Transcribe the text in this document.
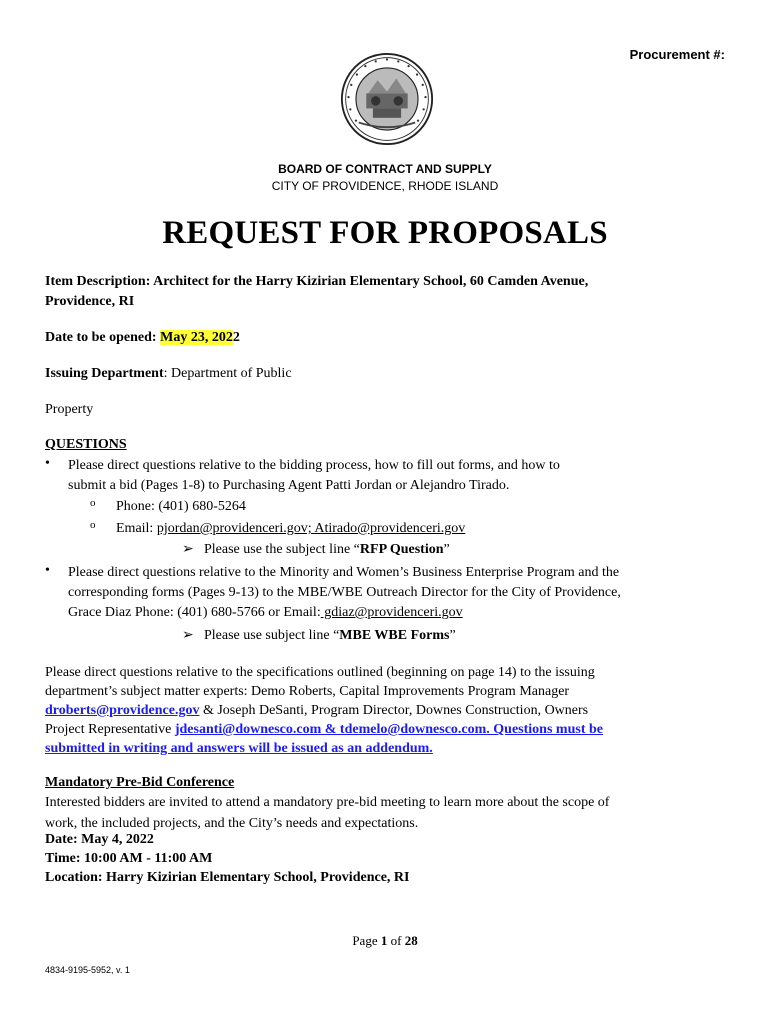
Procurement #:
BOARD OF CONTRACT AND SUPPLY
CITY OF PROVIDENCE, RHODE ISLAND
REQUEST FOR PROPOSALS
Item Description: Architect for the Harry Kizirian Elementary School, 60 Camden Avenue,
Providence, RI
Date to be opened: May 23, 2022
Issuing Department: Department of Public
Property
QUESTIONS
• Please direct questions relative to the bidding process, how to fill out forms, and how to
submit a bid (Pages 1-8) to Purchasing Agent Patti Jordan or Alejandro Tirado.
o Phone: (401) 680-5264
o Email: pjordan@providenceri.gov; Atirado@providenceri.gov
➢ Please use the subject line “RFP Question”
• Please direct questions relative to the Minority and Women’s Business Enterprise Program and the
corresponding forms (Pages 9-13) to the MBE/WBE Outreach Director for the City of Providence,
Grace Diaz Phone: (401) 680-5766 or Email: gdiaz@providenceri.gov
➢ Please use subject line “MBE WBE Forms”
Please direct questions relative to the specifications outlined (beginning on page 14) to the issuing
department’s subject matter experts: Demo Roberts, Capital Improvements Program Manager
droberts@providence.gov & Joseph DeSanti, Program Director, Downes Construction, Owners
Project Representative jdesanti@downesco.com & tdemelo@downesco.com. Questions must be
submitted in writing and answers will be issued as an addendum.
Mandatory Pre-Bid Conference
Interested bidders are invited to attend a mandatory pre-bid meeting to learn more about the scope of
work, the included projects, and the City’s needs and expectations.
Date: May 4, 2022
Time: 10:00 AM - 11:00 AM
Location: Harry Kizirian Elementary School, Providence, RI
Page 1 of 28
4834-9195-5952, v. 1
